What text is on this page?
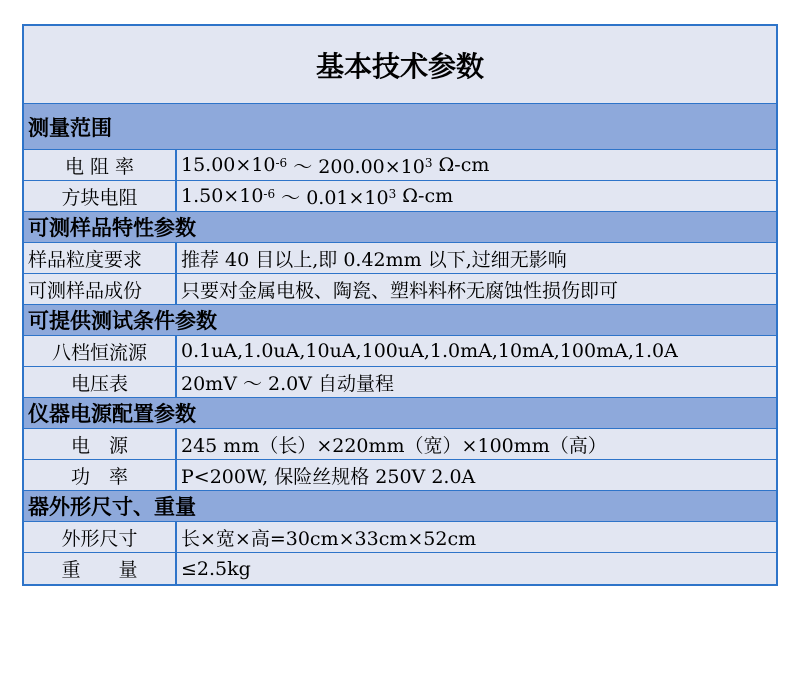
基本技术参数
测量范围
电 阻 率	$15.00\times 10^{-6}$ ～ $200.00\times 10^3$ Ω-cm
方块电阻	$1.50\times 10^{-6}$ ～ $0.01\times 10^3$ Ω-cm
可测样品特性参数
样品粒度要求	推荐 40 目以上,即 0.42mm 以下,过细无影响
可测样品成份	只要对金属电极、陶瓷、塑料料杯无腐蚀性损伤即可
可提供测试条件参数
八档恒流源	0.1uA,1.0uA,10uA,100uA,1.0mA,10mA,100mA,1.0A
电压表	20mV ～ 2.0V 自动量程
仪器电源配置参数
电　源	245 mm（长）×220mm（宽）×100mm（高）
功　率	P<200W, 保险丝规格 250V 2.0A
器外形尺寸、重量
外形尺寸	长×宽×高=30cm×33cm×52cm
重　　量	≤2.5kg
